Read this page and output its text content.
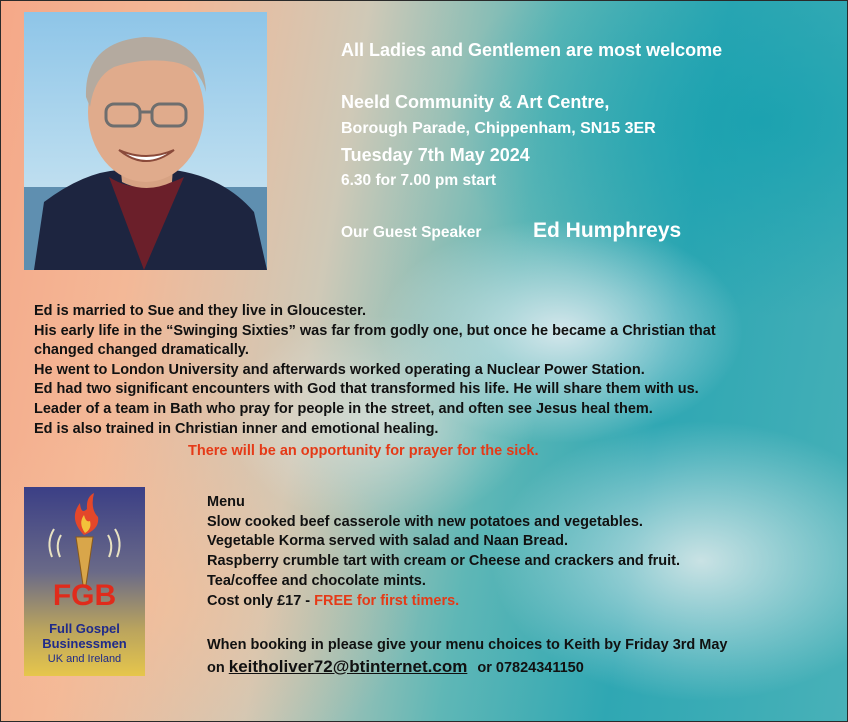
All Ladies and Gentlemen are most welcome
Neeld Community & Art Centre,
Borough Parade, Chippenham, SN15 3ER
Tuesday 7th May 2024
6.30 for 7.00 pm start
Our Guest Speaker Ed Humphreys
Ed is married to Sue and they live in Gloucester.
His early life in the “Swinging Sixties” was far from godly one, but once he became a Christian that
changed changed dramatically.
He went to London University and afterwards worked operating a Nuclear Power Station.
Ed had two significant encounters with God that transformed his life. He will share them with us.
Leader of a team in Bath who pray for people in the street, and often see Jesus heal them.
Ed is also trained in Christian inner and emotional healing.
There will be an opportunity for prayer for the sick.
FGB
Full Gospel
Businessmen
UK and Ireland
Menu
Slow cooked beef casserole with new potatoes and vegetables.
Vegetable Korma served with salad and Naan Bread.
Raspberry crumble tart with cream or Cheese and crackers and fruit.
Tea/coffee and chocolate mints.
Cost only £17 - FREE for first timers.
When booking in please give your menu choices to Keith by Friday 3rd May
on keitholiver72@btinternet.com or 07824341150
